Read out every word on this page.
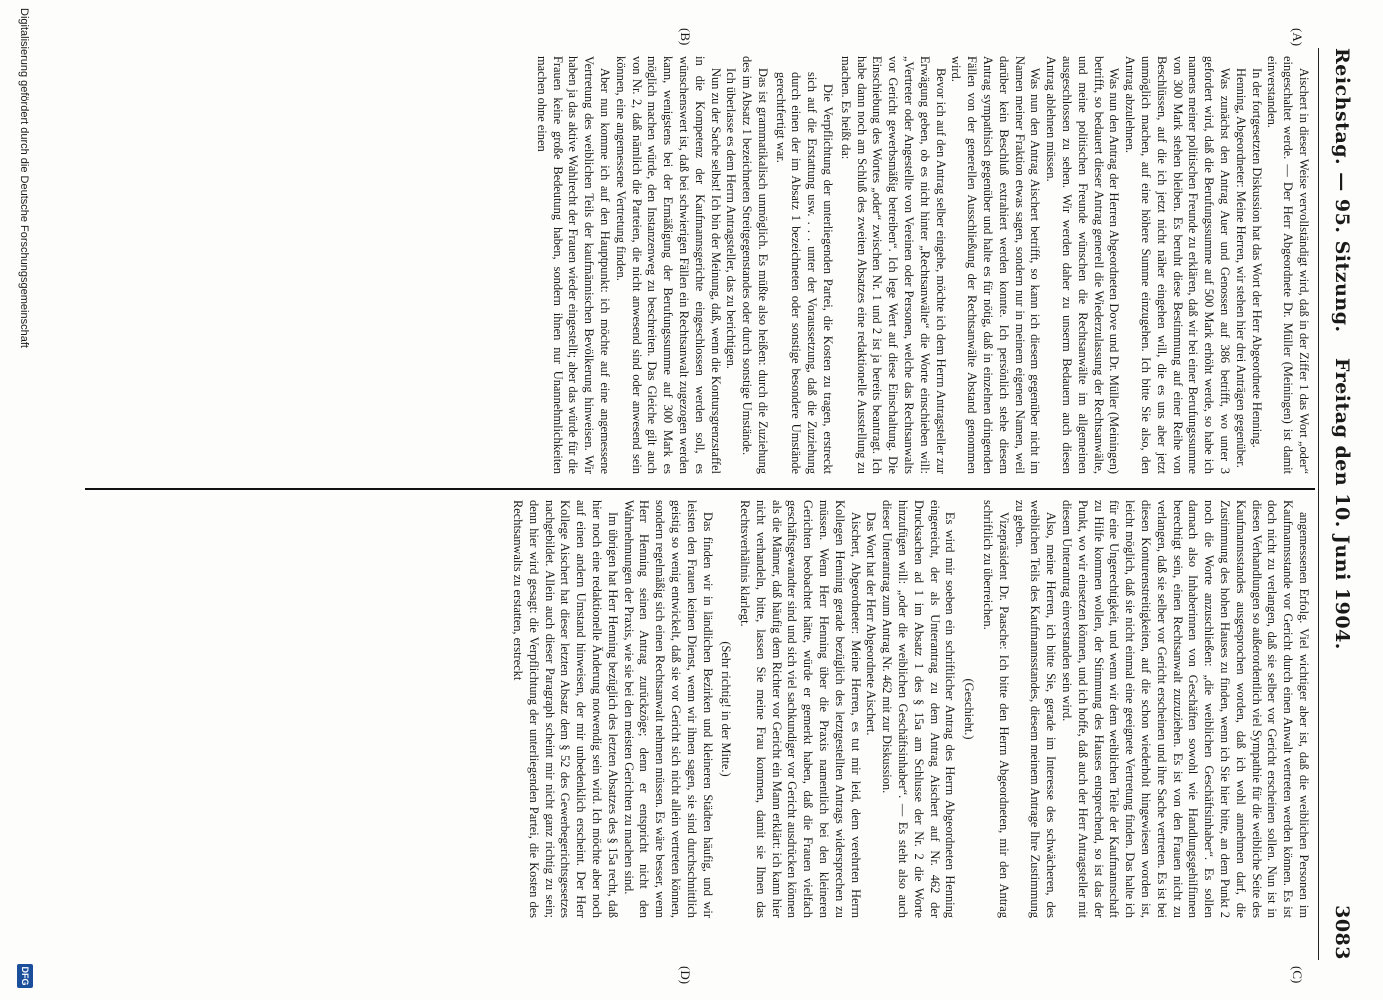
Reichstag. — 95. Sitzung.
Freitag den 10. Juni 1904.
3083
(A)
(B)
(C)
(D)

Aischert in dieser Weise vervollständigt wird, daß in der Ziffer 1 das Wort „oder“ eingeschaltet werde. — Der Herr Abgeordnete Dr. Müller (Meiningen) ist damit einverstanden.

In der fortgesetzten Diskussion hat das Wort der Herr Abgeordnete Henning.

Henning, Abgeordneter: Meine Herren, wir stehen hier drei Anträgen gegenüber.

Was zunächst den Antrag Auer und Genossen auf 386 betrifft, wo unter 3 gefordert wird, daß die Berufungssumme auf 500 Mark erhöht werde, so habe ich namens meiner politischen Freunde zu erklären, daß wir bei einer Berufungssumme von 300 Mark stehen bleiben. Es beruht diese Bestimmung auf einer Reihe von Beschlüssen, auf die ich jetzt nicht näher eingehen will, die es uns aber jetzt unmöglich machen, auf eine höhere Summe einzugehen. Ich bitte Sie also, den Antrag abzulehnen.

Was nun den Antrag der Herren Abgeordneten Dove und Dr. Müller (Meiningen) betrifft, so bedauert dieser Antrag generell die Wiederzulassung der Rechtsanwälte, und meine politischen Freunde wünschen die Rechtsanwälte im allgemeinen ausgeschlossen zu sehen. Wir werden daher zu unserm Bedauern auch diesen Antrag ablehnen müssen.

Was nun den Antrag Aischert betrifft, so kann ich diesem gegenüber nicht im Namen meiner Fraktion etwas sagen, sondern nur in meinem eigenen Namen, weil darüber kein Beschluß extrahiert werden konnte. Ich persönlich stehe diesem Antrag sympathisch gegenüber und halte es für nötig, daß in einzelnen dringenden Fällen von der generellen Ausschließung der Rechtsanwälte Abstand genommen wird.

Bevor ich auf den Antrag selber eingehe, möchte ich dem Herrn Antragsteller zur Erwägung geben, ob es nicht hinter „Rechtsanwälte“ die Worte einschieben will: „Vertreter oder Angestellte von Vereinen oder Personen, welche das Rechtsanwalts vor Gericht gewerbsmäßig betreiben“. Ich lege Wert auf diese Einschaltung. Die Einschiebung des Wortes „oder“ zwischen Nr. 1 und 2 ist ja bereits beantragt. Ich habe dann noch am Schluß des zweiten Absatzes eine redaktionelle Ausstellung zu machen. Es heißt da:

Die Verpflichtung der unterliegenden Partei, die Kosten zu tragen, erstreckt sich auf die Erstattung usw. . . . unter der Voraussetzung, daß die Zuziehung durch einen der im Absatz 1 bezeichneten oder sonstige besondere Umstände gerechtfertigt war.

Das ist grammatikalisch unmöglich. Es müßte also heißen: durch die Zuziehung des im Absatz 1 bezeichneten Streitgegenstandes oder durch sonstige Umstände.

Ich überlasse es dem Herrn Antragsteller, das zu berichtigen.

Nun zu der Sache selbst! Ich bin der Meinung, daß, wenn die Kontursgrenzstaffel in die Kompetenz der Kaufmannsgerichte eingeschlossen werden soll, es wünschenswert ist, daß bei schwierigen Fällen ein Rechtsanwalt zugezogen werden kann, wenigstens bei der Ermäßigung der Berufungssumme auf 300 Mark es möglich machen würde, den Instanzenweg zu beschreiten. Das Gleiche gilt auch von Nr. 2, daß nämlich die Parteien, die nicht anwesend sind oder anwesend sein können, eine angemessene Vertretung finden.

Aber nun komme ich auf den Hauptpunkt: ich möchte auf eine angemessene Vertretung des weiblichen Teils der kaufmännischen Bevölkerung hinweisen. Wir haben ja das aktive Wahlrecht der Frauen wieder eingestellt; aber das würde für die Frauen keine große Bedeutung haben, sondern ihnen nur Unannehmlichkeiten machen ohne einen

angemessenen Erfolg. Viel wichtiger aber ist, daß die weiblichen Personen im Kaufmannsstande vor Gericht durch einen Anwalt vertreten werden können. Es ist doch nicht zu verlangen, daß sie selber vor Gericht erscheinen sollen. Nun ist in diesen Verhandlungen so außerordentlich viel Sympathie für die weibliche Seite des Kaufmannsstandes ausgesprochen worden, daß ich wohl annehmen darf, die Zustimmung des hohen Hauses zu finden, wenn ich Sie hier bitte, an dem Punkt 2 noch die Worte anzuschließen: „die weiblichen Geschäftsinhaber“. Es sollen darnach also Inhaberinnen von Geschäften sowohl wie Handlungsgehilfinnen berechtigt sein, einen Rechtsanwalt zuzuziehen. Es ist von den Frauen nicht zu verlangen, daß sie selber vor Gericht erscheinen und ihre Sache vertreten. Es ist bei diesen Konturenstreitigkeiten, auf die schon wiederholt hingewiesen worden ist, leicht möglich, daß sie nicht einmal eine geeignete Vertretung finden. Das halte ich für eine Ungerechtigkeit, und wenn wir dem weiblichen Teile der Kaufmannschaft zu Hilfe kommen wollen, der Stimmung des Hauses entsprechend, so ist das der Punkt, wo wir einsetzen können, und ich hoffe, daß auch der Herr Antragsteller mit diesem Unterantrag einverstanden sein wird.

Also, meine Herren, ich bitte Sie, gerade im Interesse des schwächeren, des weiblichen Teils des Kaufmannsstandes, diesem meinem Antrage Ihre Zustimmung zu geben.

Vizepräsident Dr. Paasche: Ich bitte den Herrn Abgeordneten, mir den Antrag schriftlich zu überreichen.

(Geschieht.)

Es wird mir soeben ein schriftlicher Antrag des Herrn Abgeordneten Henning eingereicht, der als Unterantrag zu dem Antrag Aischert auf Nr. 462 der Drucksachen ad 1 im Absatz 1 des § 15a am Schlusse der Nr. 2 die Worte hinzufügen will: „oder die weiblichen Geschäftsinhaber“. — Es steht also auch dieser Unterantrag zum Antrag Nr. 462 mit zur Diskussion.

Das Wort hat der Herr Abgeordnete Aischert.

Aischert, Abgeordneter: Meine Herren, es tut mir leid, dem verehrten Herrn Kollegen Henning gerade bezüglich des letztgestellten Antrags widersprechen zu müssen. Wenn Herr Henning über die Praxis namentlich bei den kleineren Gerichten beobachtet hätte, würde er gemerkt haben, daß die Frauen vielfach geschäftsgewandter sind und sich viel sachkundiger vor Gericht ausdrücken können als die Männer, daß häufig dem Richter vor Gericht ein Mann erklärt: ich kann hier nicht verhandeln, bitte, lassen Sie meine Frau kommen, damit sie Ihnen das Rechtsverhältnis klarlegt.

(Sehr richtig! in der Mitte.)

Das finden wir in ländlichen Bezirken und kleineren Städten häufig, und wir leisten den Frauen keinen Dienst, wenn wir ihnen sagen, sie sind durchschnittlich geistig so wenig entwickelt, daß sie vor Gericht sich nicht allein vertreten können, sondern regelmäßig sich einen Rechtsanwalt nehmen müssen. Es wäre besser, wenn Herr Henning seinen Antrag zurückzöge; denn er entspricht nicht den Wahrnehmungen der Praxis, wie sie bei den meisten Gerichten zu machen sind.

Im übrigen hat Herr Henning bezüglich des letzten Absatzes des § 15a recht, daß hier noch eine redaktionelle Änderung notwendig sein wird. Ich möchte aber noch auf einen andern Umstand hinweisen, der mir unbedenklich erscheint. Der Herr Kollege Aischert hat dieser letzten Absatz dem § 52 des Gewerbegerichtsgesetzes nachgebildet. Allein auch dieser Paragraph scheint mir nicht ganz richtig zu sein; denn hier wird gesagt: die Verpflichtung der unterliegenden Partei, die Kosten des Rechtsanwalts zu erstatten, erstreckt

Digitalisierung gefördert durch die Deutsche Forschungsgemeinschaft
DFG
